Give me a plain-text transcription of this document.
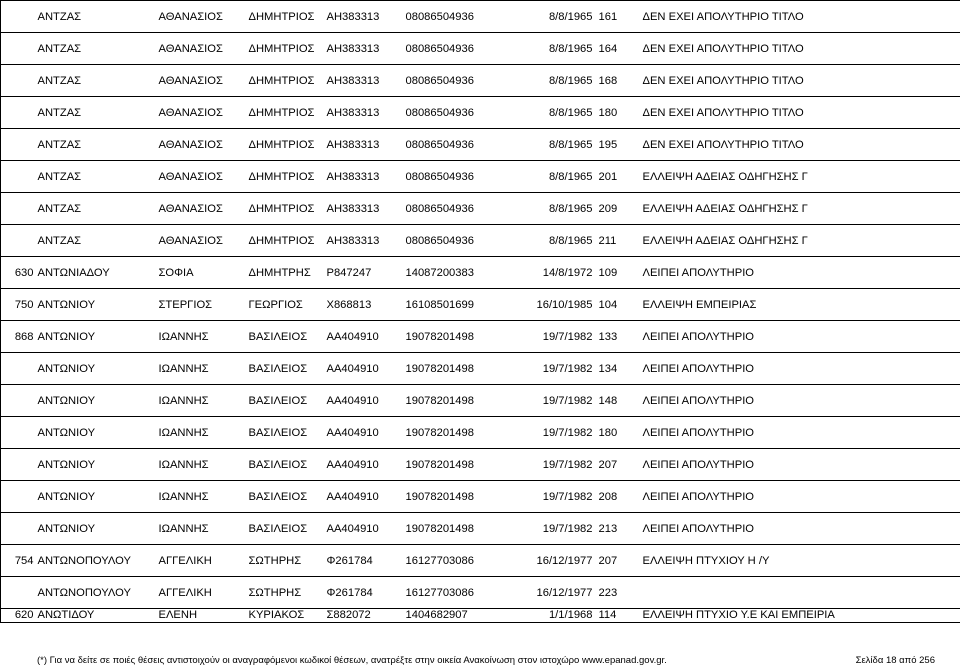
	ΑΝΤΖΑΣ	ΑΘΑΝΑΣΙΟΣ	ΔΗΜΗΤΡΙΟΣ	ΑΗ383313	08086504936	8/8/1965	161	ΔΕΝ ΕΧΕΙ ΑΠΟΛΥΤΗΡΙΟ ΤΙΤΛΟ
	ΑΝΤΖΑΣ	ΑΘΑΝΑΣΙΟΣ	ΔΗΜΗΤΡΙΟΣ	ΑΗ383313	08086504936	8/8/1965	164	ΔΕΝ ΕΧΕΙ ΑΠΟΛΥΤΗΡΙΟ ΤΙΤΛΟ
	ΑΝΤΖΑΣ	ΑΘΑΝΑΣΙΟΣ	ΔΗΜΗΤΡΙΟΣ	ΑΗ383313	08086504936	8/8/1965	168	ΔΕΝ ΕΧΕΙ ΑΠΟΛΥΤΗΡΙΟ ΤΙΤΛΟ
	ΑΝΤΖΑΣ	ΑΘΑΝΑΣΙΟΣ	ΔΗΜΗΤΡΙΟΣ	ΑΗ383313	08086504936	8/8/1965	180	ΔΕΝ ΕΧΕΙ ΑΠΟΛΥΤΗΡΙΟ ΤΙΤΛΟ
	ΑΝΤΖΑΣ	ΑΘΑΝΑΣΙΟΣ	ΔΗΜΗΤΡΙΟΣ	ΑΗ383313	08086504936	8/8/1965	195	ΔΕΝ ΕΧΕΙ ΑΠΟΛΥΤΗΡΙΟ ΤΙΤΛΟ
	ΑΝΤΖΑΣ	ΑΘΑΝΑΣΙΟΣ	ΔΗΜΗΤΡΙΟΣ	ΑΗ383313	08086504936	8/8/1965	201	ΕΛΛΕΙΨΗ ΑΔΕΙΑΣ ΟΔΗΓΗΣΗΣ Γ
	ΑΝΤΖΑΣ	ΑΘΑΝΑΣΙΟΣ	ΔΗΜΗΤΡΙΟΣ	ΑΗ383313	08086504936	8/8/1965	209	ΕΛΛΕΙΨΗ ΑΔΕΙΑΣ ΟΔΗΓΗΣΗΣ Γ
	ΑΝΤΖΑΣ	ΑΘΑΝΑΣΙΟΣ	ΔΗΜΗΤΡΙΟΣ	ΑΗ383313	08086504936	8/8/1965	211	ΕΛΛΕΙΨΗ ΑΔΕΙΑΣ ΟΔΗΓΗΣΗΣ Γ
630	ΑΝΤΩΝΙΑΔΟΥ	ΣΟΦΙΑ	ΔΗΜΗΤΡΗΣ	Ρ847247	14087200383	14/8/1972	109	ΛΕΙΠΕΙ ΑΠΟΛΥΤΗΡΙΟ
750	ΑΝΤΩΝΙΟΥ	ΣΤΕΡΓΙΟΣ	ΓΕΩΡΓΙΟΣ	Χ868813	16108501699	16/10/1985	104	ΕΛΛΕΙΨΗ ΕΜΠΕΙΡΙΑΣ
868	ΑΝΤΩΝΙΟΥ	ΙΩΑΝΝΗΣ	ΒΑΣΙΛΕΙΟΣ	ΑΑ404910	19078201498	19/7/1982	133	ΛΕΙΠΕΙ ΑΠΟΛΥΤΗΡΙΟ
	ΑΝΤΩΝΙΟΥ	ΙΩΑΝΝΗΣ	ΒΑΣΙΛΕΙΟΣ	ΑΑ404910	19078201498	19/7/1982	134	ΛΕΙΠΕΙ ΑΠΟΛΥΤΗΡΙΟ
	ΑΝΤΩΝΙΟΥ	ΙΩΑΝΝΗΣ	ΒΑΣΙΛΕΙΟΣ	ΑΑ404910	19078201498	19/7/1982	148	ΛΕΙΠΕΙ ΑΠΟΛΥΤΗΡΙΟ
	ΑΝΤΩΝΙΟΥ	ΙΩΑΝΝΗΣ	ΒΑΣΙΛΕΙΟΣ	ΑΑ404910	19078201498	19/7/1982	180	ΛΕΙΠΕΙ ΑΠΟΛΥΤΗΡΙΟ
	ΑΝΤΩΝΙΟΥ	ΙΩΑΝΝΗΣ	ΒΑΣΙΛΕΙΟΣ	ΑΑ404910	19078201498	19/7/1982	207	ΛΕΙΠΕΙ ΑΠΟΛΥΤΗΡΙΟ
	ΑΝΤΩΝΙΟΥ	ΙΩΑΝΝΗΣ	ΒΑΣΙΛΕΙΟΣ	ΑΑ404910	19078201498	19/7/1982	208	ΛΕΙΠΕΙ ΑΠΟΛΥΤΗΡΙΟ
	ΑΝΤΩΝΙΟΥ	ΙΩΑΝΝΗΣ	ΒΑΣΙΛΕΙΟΣ	ΑΑ404910	19078201498	19/7/1982	213	ΛΕΙΠΕΙ ΑΠΟΛΥΤΗΡΙΟ
754	ΑΝΤΩΝΟΠΟΥΛΟΥ	ΑΓΓΕΛΙΚΗ	ΣΩΤΗΡΗΣ	Φ261784	16127703086	16/12/1977	207	ΕΛΛΕΙΨΗ ΠΤΥΧΙΟΥ Η /Υ
	ΑΝΤΩΝΟΠΟΥΛΟΥ	ΑΓΓΕΛΙΚΗ	ΣΩΤΗΡΗΣ	Φ261784	16127703086	16/12/1977	223	
620	ΑΝΩΤΙΔΟΥ	ΕΛΕΝΗ	ΚΥΡΙΑΚΟΣ	Σ882072	1404682907	1/1/1968	114	ΕΛΛΕΙΨΗ ΠΤΥΧΙΟ Υ.Ε ΚΑΙ ΕΜΠΕΙΡΙΑ
(*) Για να δείτε σε ποιές θέσεις αντιστοιχούν οι αναγραφόμενοι κωδικοί θέσεων, ανατρέξτε στην οικεία Ανακοίνωση στον ιστοχώρο www.epanad.gov.gr.	Σελίδα 18 από 256
